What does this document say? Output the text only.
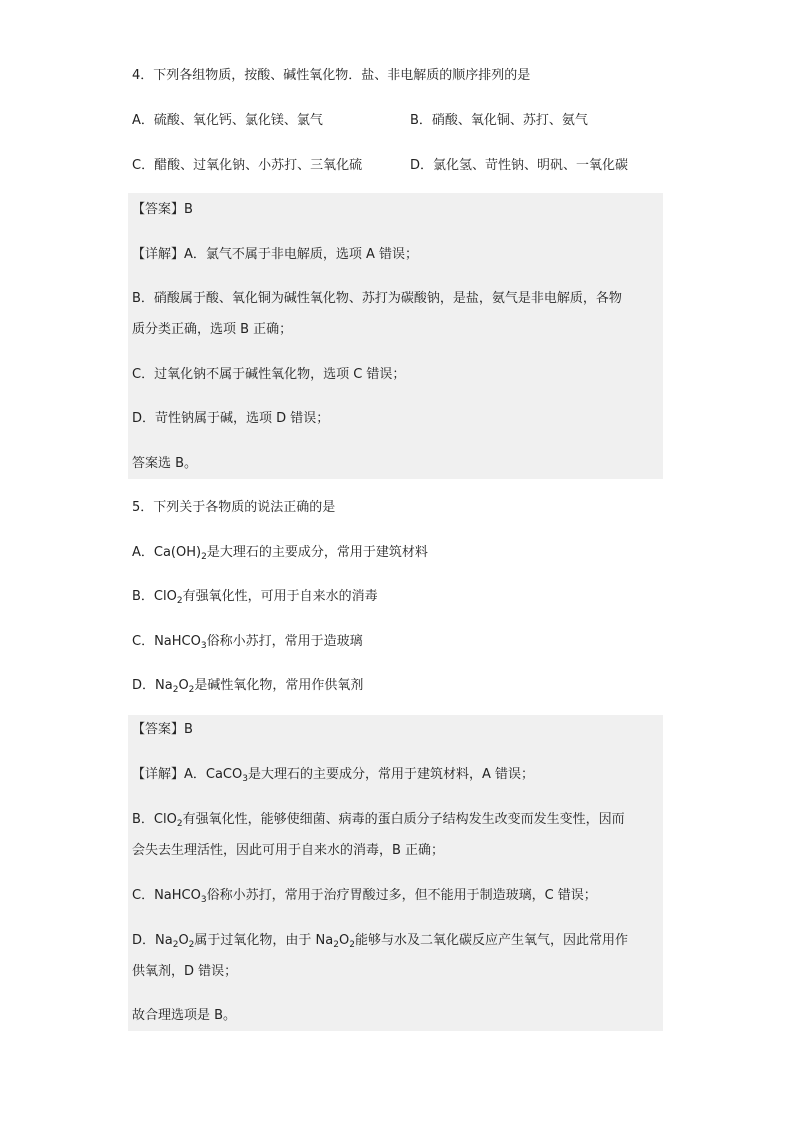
4．下列各组物质，按酸、碱性氧化物．盐、非电解质的顺序排列的是
A．硫酸、氧化钙、氯化镁、氯气	B．硝酸、氧化铜、苏打、氨气
C．醋酸、过氧化钠、小苏打、三氧化硫	D．氯化氢、苛性钠、明矾、一氧化碳
【答案】B
【详解】A．氯气不属于非电解质，选项 A 错误；
B．硝酸属于酸、氧化铜为碱性氧化物、苏打为碳酸钠，是盐，氨气是非电解质，各物
质分类正确，选项 B 正确；
C．过氧化钠不属于碱性氧化物，选项 C 错误；
D．苛性钠属于碱，选项 D 错误；
答案选 B。
5．下列关于各物质的说法正确的是
A．$Ca(OH)_2$是大理石的主要成分，常用于建筑材料
B．ClO$_2$有强氧化性，可用于自来水的消毒
C．NaHCO$_3$俗称小苏打，常用于造玻璃
D．$Na_2O_2$是碱性氧化物，常用作供氧剂
【答案】B
【详解】A．CaCO$_3$是大理石的主要成分，常用于建筑材料，A 错误；
B．ClO$_2$有强氧化性，能够使细菌、病毒的蛋白质分子结构发生改变而发生变性，因而
会失去生理活性，因此可用于自来水的消毒，B 正确；
C．NaHCO$_3$俗称小苏打，常用于治疗胃酸过多，但不能用于制造玻璃，C 错误；
D．$Na_2O_2$属于过氧化物，由于 $Na_2O_2$能够与水及二氧化碳反应产生氧气，因此常用作
供氧剂，D 错误；
故合理选项是 B。
